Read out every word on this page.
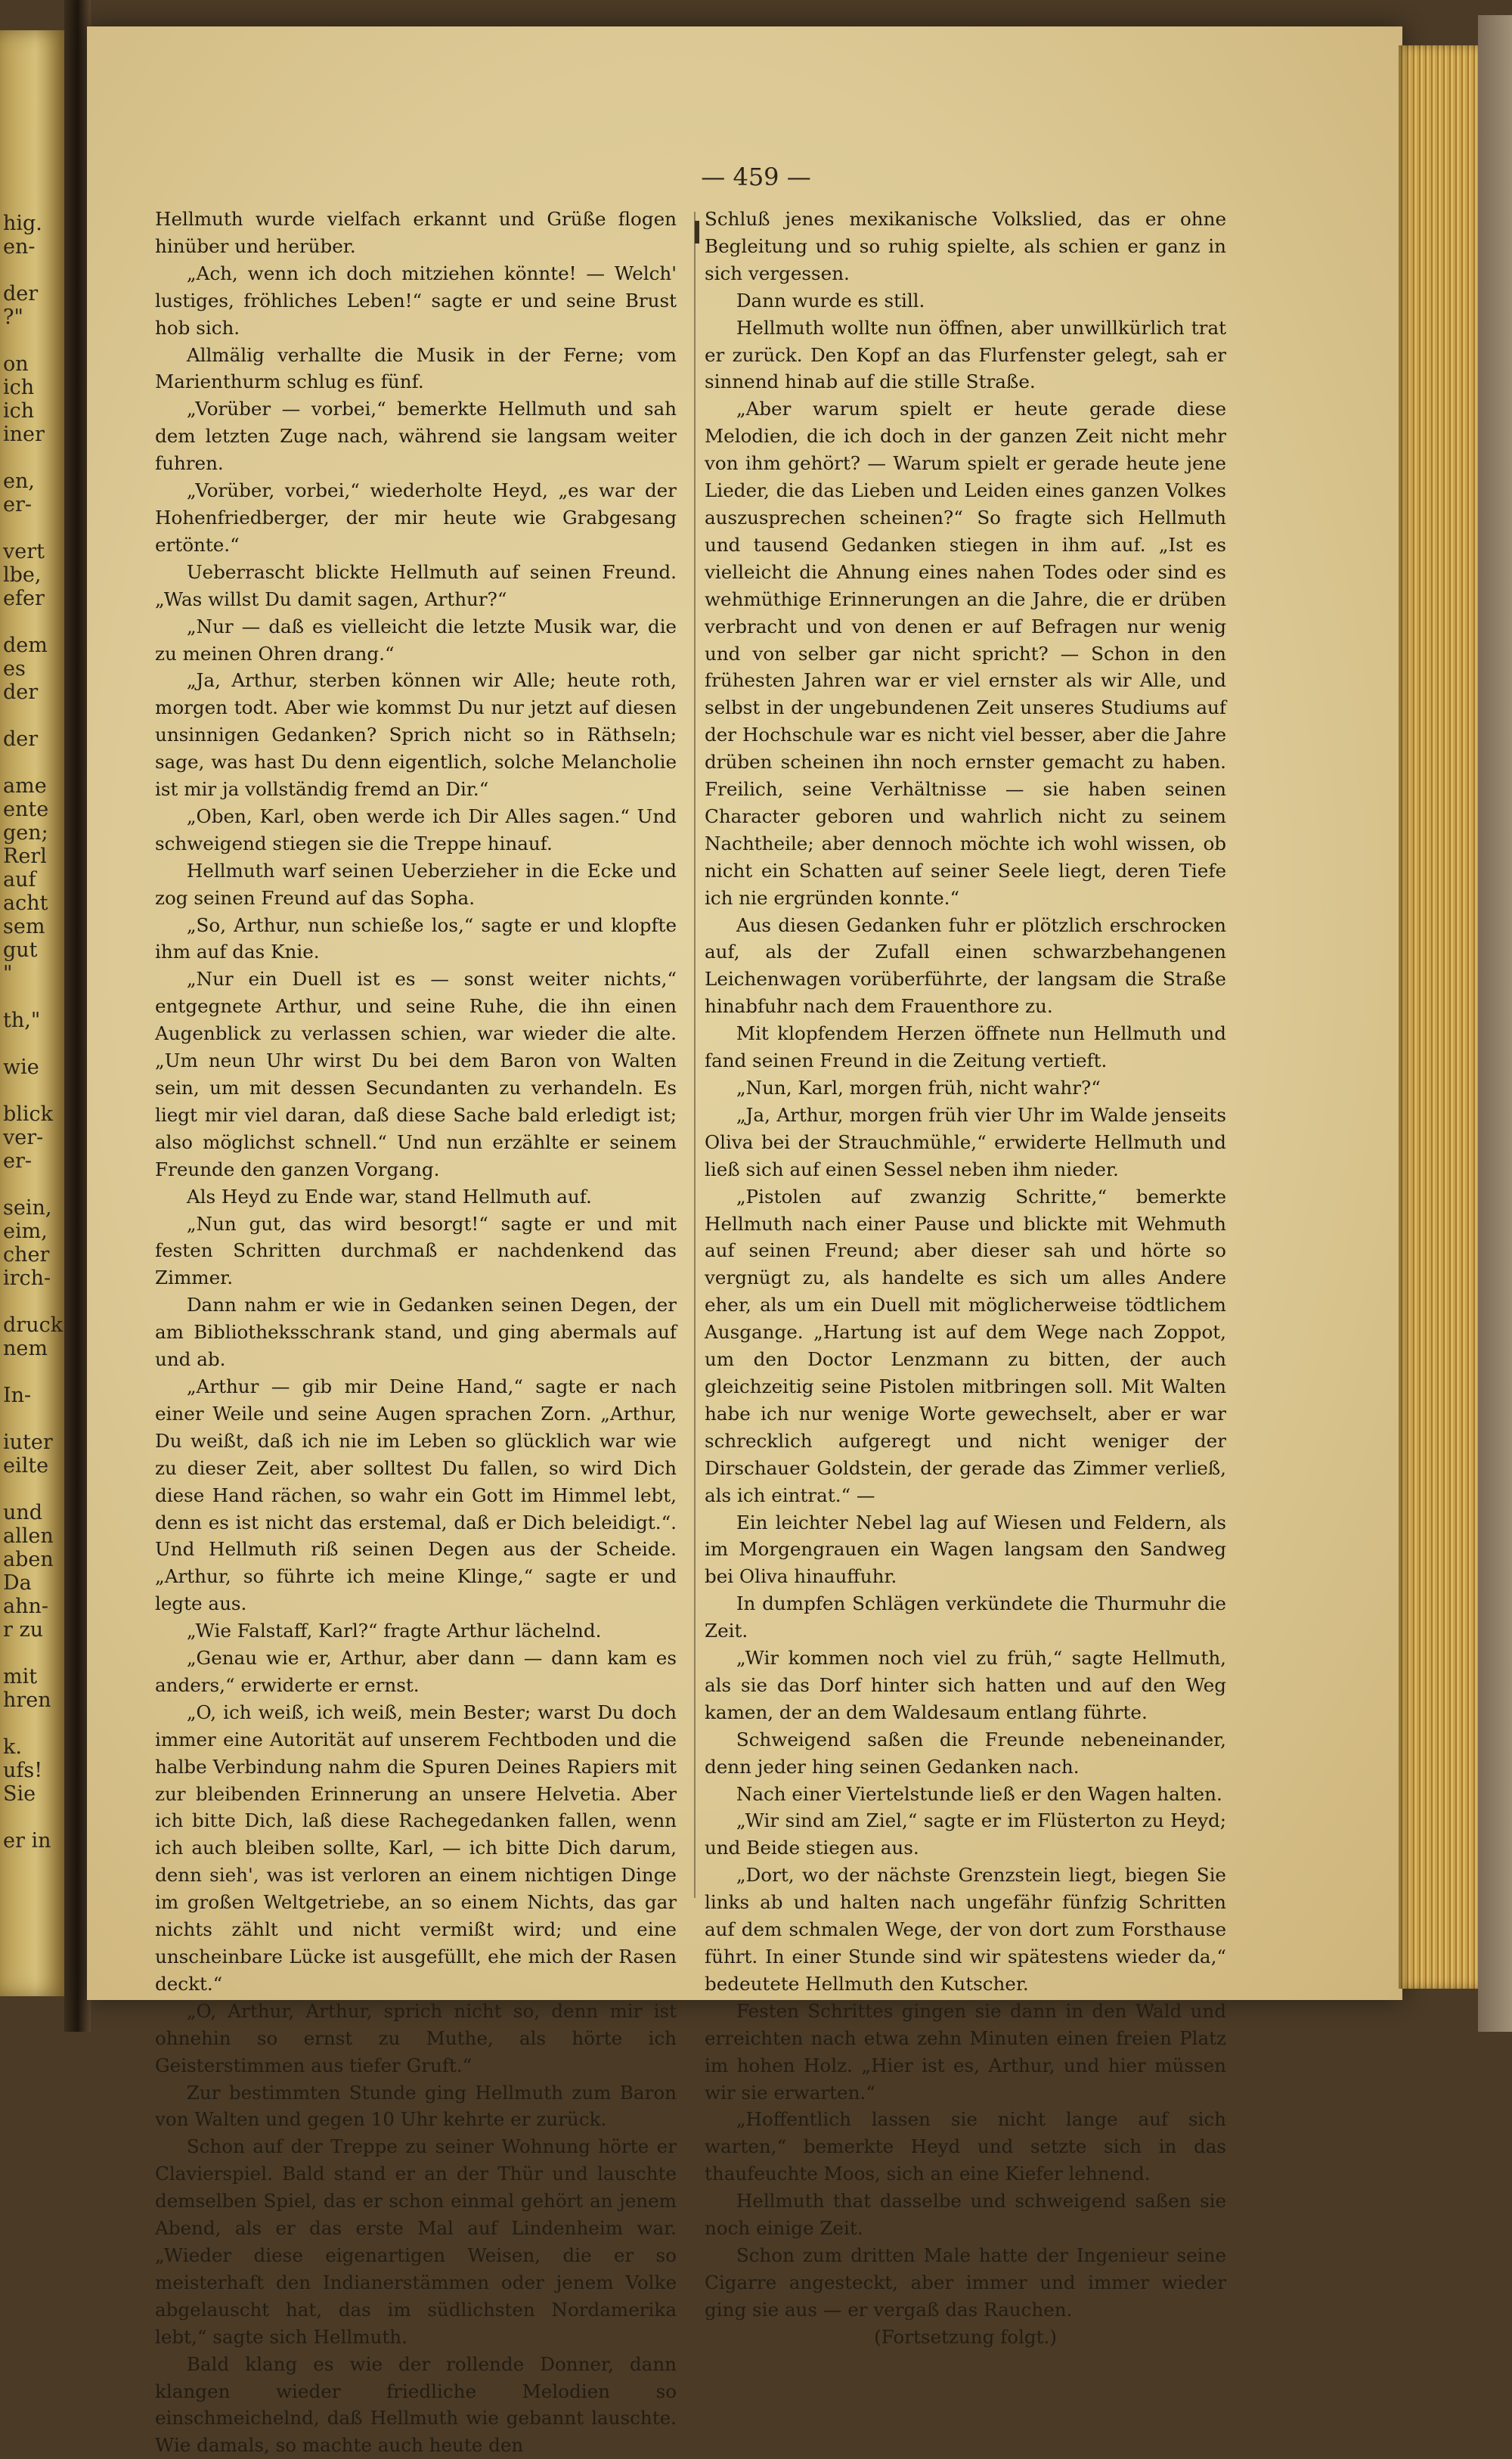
hig.
en-
der
?"
on
ich
ich
iner
en,
er-
vert
lbe,
efer
dem
es
der
der
ame
ente
gen;
Rerl
auf
acht
sem
gut
"
th,"
wie
blick
ver-
er-
sein,
eim,
cher
irch-
druck
nem
In-
iuter
eilte
und
allen
aben
Da
ahn-
r zu
mit
hren
k.
ufs!
Sie
er in
— 459 —

Hellmuth wurde vielfach erkannt und Grüße flogen hinüber und herüber.

„Ach, wenn ich doch mitziehen könnte! — Welch' lustiges, fröhliches Leben!“ sagte er und seine Brust hob sich.

Allmälig verhallte die Musik in der Ferne; vom Marienthurm schlug es fünf.

„Vorüber — vorbei,“ bemerkte Hellmuth und sah dem letzten Zuge nach, während sie langsam weiter fuhren.

„Vorüber, vorbei,“ wiederholte Heyd, „es war der Hohenfriedberger, der mir heute wie Grabgesang ertönte.“

Ueberrascht blickte Hellmuth auf seinen Freund. „Was willst Du damit sagen, Arthur?“

„Nur — daß es vielleicht die letzte Musik war, die zu meinen Ohren drang.“

„Ja, Arthur, sterben können wir Alle; heute roth, morgen todt. Aber wie kommst Du nur jetzt auf diesen unsinnigen Gedanken? Sprich nicht so in Räthseln; sage, was hast Du denn eigentlich, solche Melancholie ist mir ja vollständig fremd an Dir.“

„Oben, Karl, oben werde ich Dir Alles sagen.“ Und schweigend stiegen sie die Treppe hinauf.

Hellmuth warf seinen Ueberzieher in die Ecke und zog seinen Freund auf das Sopha.

„So, Arthur, nun schieße los,“ sagte er und klopfte ihm auf das Knie.

„Nur ein Duell ist es — sonst weiter nichts,“ entgegnete Arthur, und seine Ruhe, die ihn einen Augenblick zu verlassen schien, war wieder die alte. „Um neun Uhr wirst Du bei dem Baron von Walten sein, um mit dessen Secundanten zu verhandeln. Es liegt mir viel daran, daß diese Sache bald erledigt ist; also möglichst schnell.“ Und nun erzählte er seinem Freunde den ganzen Vorgang.

Als Heyd zu Ende war, stand Hellmuth auf.

„Nun gut, das wird besorgt!“ sagte er und mit festen Schritten durchmaß er nachdenkend das Zimmer.

Dann nahm er wie in Gedanken seinen Degen, der am Bibliotheksschrank stand, und ging abermals auf und ab.

„Arthur — gib mir Deine Hand,“ sagte er nach einer Weile und seine Augen sprachen Zorn. „Arthur, Du weißt, daß ich nie im Leben so glücklich war wie zu dieser Zeit, aber solltest Du fallen, so wird Dich diese Hand rächen, so wahr ein Gott im Himmel lebt, denn es ist nicht das erstemal, daß er Dich beleidigt.“. Und Hellmuth riß seinen Degen aus der Scheide. „Arthur, so führte ich meine Klinge,“ sagte er und legte aus.

„Wie Falstaff, Karl?“ fragte Arthur lächelnd.

„Genau wie er, Arthur, aber dann — dann kam es anders,“ erwiderte er ernst.

„O, ich weiß, ich weiß, mein Bester; warst Du doch immer eine Autorität auf unserem Fechtboden und die halbe Verbindung nahm die Spuren Deines Rapiers mit zur bleibenden Erinnerung an unsere Helvetia. Aber ich bitte Dich, laß diese Rachegedanken fallen, wenn ich auch bleiben sollte, Karl, — ich bitte Dich darum, denn sieh', was ist verloren an einem nichtigen Dinge im großen Weltgetriebe, an so einem Nichts, das gar nichts zählt und nicht vermißt wird; und eine unscheinbare Lücke ist ausgefüllt, ehe mich der Rasen deckt.“

„O, Arthur, Arthur, sprich nicht so, denn mir ist ohnehin so ernst zu Muthe, als hörte ich Geisterstimmen aus tiefer Gruft.“

Zur bestimmten Stunde ging Hellmuth zum Baron von Walten und gegen 10 Uhr kehrte er zurück.

Schon auf der Treppe zu seiner Wohnung hörte er Clavierspiel. Bald stand er an der Thür und lauschte demselben Spiel, das er schon einmal gehört an jenem Abend, als er das erste Mal auf Lindenheim war. „Wieder diese eigenartigen Weisen, die er so meisterhaft den Indianerstämmen oder jenem Volke abgelauscht hat, das im südlichsten Nordamerika lebt,“ sagte sich Hellmuth.

Bald klang es wie der rollende Donner, dann klangen wieder friedliche Melodien so einschmeichelnd, daß Hellmuth wie gebannt lauschte. Wie damals, so machte auch heute den

Schluß jenes mexikanische Volkslied, das er ohne Begleitung und so ruhig spielte, als schien er ganz in sich vergessen.

Dann wurde es still.

Hellmuth wollte nun öffnen, aber unwillkürlich trat er zurück. Den Kopf an das Flurfenster gelegt, sah er sinnend hinab auf die stille Straße.

„Aber warum spielt er heute gerade diese Melodien, die ich doch in der ganzen Zeit nicht mehr von ihm gehört? — Warum spielt er gerade heute jene Lieder, die das Lieben und Leiden eines ganzen Volkes auszusprechen scheinen?“ So fragte sich Hellmuth und tausend Gedanken stiegen in ihm auf. „Ist es vielleicht die Ahnung eines nahen Todes oder sind es wehmüthige Erinnerungen an die Jahre, die er drüben verbracht und von denen er auf Befragen nur wenig und von selber gar nicht spricht? — Schon in den frühesten Jahren war er viel ernster als wir Alle, und selbst in der ungebundenen Zeit unseres Studiums auf der Hochschule war es nicht viel besser, aber die Jahre drüben scheinen ihn noch ernster gemacht zu haben. Freilich, seine Verhältnisse — sie haben seinen Character geboren und wahrlich nicht zu seinem Nachtheile; aber dennoch möchte ich wohl wissen, ob nicht ein Schatten auf seiner Seele liegt, deren Tiefe ich nie ergründen konnte.“

Aus diesen Gedanken fuhr er plötzlich erschrocken auf, als der Zufall einen schwarzbehangenen Leichenwagen vorüberführte, der langsam die Straße hinabfuhr nach dem Frauenthore zu.

Mit klopfendem Herzen öffnete nun Hellmuth und fand seinen Freund in die Zeitung vertieft.

„Nun, Karl, morgen früh, nicht wahr?“

„Ja, Arthur, morgen früh vier Uhr im Walde jenseits Oliva bei der Strauchmühle,“ erwiderte Hellmuth und ließ sich auf einen Sessel neben ihm nieder.

„Pistolen auf zwanzig Schritte,“ bemerkte Hellmuth nach einer Pause und blickte mit Wehmuth auf seinen Freund; aber dieser sah und hörte so vergnügt zu, als handelte es sich um alles Andere eher, als um ein Duell mit möglicherweise tödtlichem Ausgange. „Hartung ist auf dem Wege nach Zoppot, um den Doctor Lenzmann zu bitten, der auch gleichzeitig seine Pistolen mitbringen soll. Mit Walten habe ich nur wenige Worte gewechselt, aber er war schrecklich aufgeregt und nicht weniger der Dirschauer Goldstein, der gerade das Zimmer verließ, als ich eintrat.“ —

Ein leichter Nebel lag auf Wiesen und Feldern, als im Morgengrauen ein Wagen langsam den Sandweg bei Oliva hinauffuhr.

In dumpfen Schlägen verkündete die Thurmuhr die Zeit.

„Wir kommen noch viel zu früh,“ sagte Hellmuth, als sie das Dorf hinter sich hatten und auf den Weg kamen, der an dem Waldesaum entlang führte.

Schweigend saßen die Freunde nebeneinander, denn jeder hing seinen Gedanken nach.

Nach einer Viertelstunde ließ er den Wagen halten.

„Wir sind am Ziel,“ sagte er im Flüsterton zu Heyd; und Beide stiegen aus.

„Dort, wo der nächste Grenzstein liegt, biegen Sie links ab und halten nach ungefähr fünfzig Schritten auf dem schmalen Wege, der von dort zum Forsthause führt. In einer Stunde sind wir spätestens wieder da,“ bedeutete Hellmuth den Kutscher.

Festen Schrittes gingen sie dann in den Wald und erreichten nach etwa zehn Minuten einen freien Platz im hohen Holz. „Hier ist es, Arthur, und hier müssen wir sie erwarten.“

„Hoffentlich lassen sie nicht lange auf sich warten,“ bemerkte Heyd und setzte sich in das thaufeuchte Moos, sich an eine Kiefer lehnend.

Hellmuth that dasselbe und schweigend saßen sie noch einige Zeit.

Schon zum dritten Male hatte der Ingenieur seine Cigarre angesteckt, aber immer und immer wieder ging sie aus — er vergaß das Rauchen.

(Fortsetzung folgt.)
